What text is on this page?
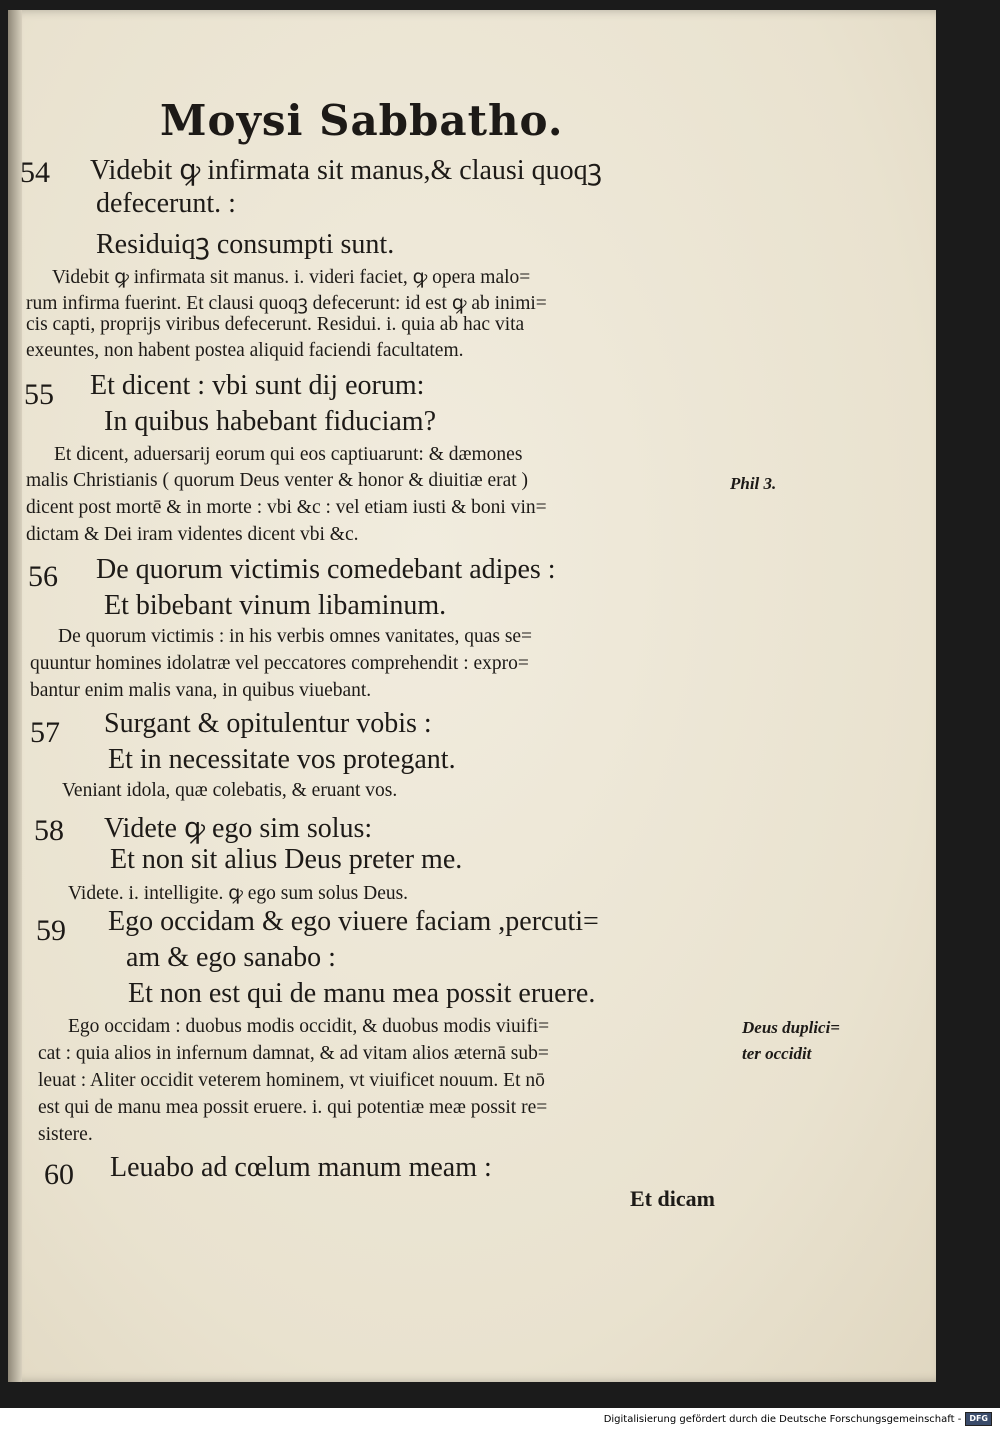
Moysi Sabbatho.
54	Videbit ꝙ infirmata sit manus,& clausi quoqꝫ
defecerunt. :
Residuiqꝫ consumpti sunt.
Videbit ꝙ infirmata sit manus. i. videri faciet, ꝙ opera malo=
rum infirma fuerint. Et clausi quoqꝫ defecerunt: id est ꝙ ab inimi=
cis capti, proprijs viribus defecerunt. Residui. i. quia ab hac vita
exeuntes, non habent postea aliquid faciendi facultatem.
55	Et dicent : vbi sunt dij eorum:
In quibus habebant fiduciam?
Et dicent, aduersarij eorum qui eos captiuarunt: & dæmones
malis Christianis ( quorum Deus venter & honor & diuitiæ erat )
dicent post mortē & in morte : vbi &c : vel etiam iusti & boni vin=
dictam & Dei iram videntes dicent vbi &c.
Phil 3.
56	De quorum victimis comedebant adipes :
Et bibebant vinum libaminum.
De quorum victimis : in his verbis omnes vanitates, quas se=
quuntur homines idolatræ vel peccatores comprehendit : expro=
bantur enim malis vana, in quibus viuebant.
57	Surgant & opitulentur vobis :
Et in necessitate vos protegant.
Veniant idola, quæ colebatis, & eruant vos.
58	Videte ꝙ ego sim solus:
Et non sit alius Deus preter me.
Videte. i. intelligite. ꝙ ego sum solus Deus.
59	Ego occidam & ego viuere faciam ,percuti=
am & ego sanabo :
Et non est qui de manu mea possit eruere.
Ego occidam : duobus modis occidit, & duobus modis viuifi=
cat : quia alios in infernum damnat, & ad vitam alios æternā sub=
leuat : Aliter occidit veterem hominem, vt viuificet nouum. Et nō
est qui de manu mea possit eruere. i. qui potentiæ meæ possit re=
sistere.
Deus duplici=
ter occidit
60	Leuabo ad cœlum manum meam :
Et dicam
Digitalisierung gefördert durch die Deutsche Forschungsgemeinschaft -	DFG
